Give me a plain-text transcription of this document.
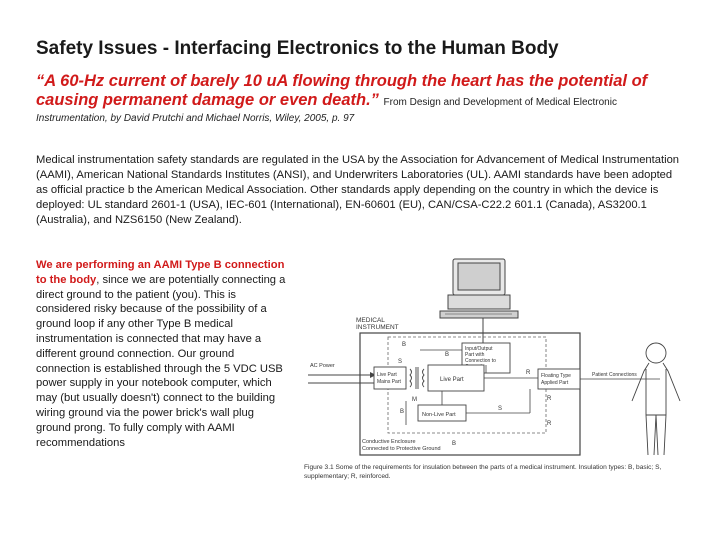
Safety Issues - Interfacing Electronics to the Human Body
“A 60-Hz current of barely 10 uA flowing through the heart has the potential of causing permanent damage or even death.” From Design and Development of Medical Electronic
Instrumentation, by David Prutchi and Michael Norris, Wiley, 2005, p. 97
Medical instrumentation safety standards are regulated in the USA by the Association for Advancement of Medical Instrumentation (AAMI), American National Standards Institutes (ANSI), and Underwriters Laboratories (UL). AAMI standards have been adopted as official practice b the American Medical Association. Other standards apply depending on the country in which the device is deployed: UL standard 2601-1 (USA), IEC-601 (International), EN-60601 (EU), CAN/CSA-C22.2 601.1 (Canada), AS3200.1 (Australia), and NZS6150 (New Zealand).
We are performing an AAMI Type B connection to the body, since we are potentially connecting a direct ground to the patient (you). This is considered risky because of the possibility of a ground loop if any other Type B medical instrumentation is connected that may have a different ground connection. Our ground connection is established through the 5 VDC USB power supply in your notebook computer, which may (but usually doesn't) connect to the building wiring ground via the power brick's wall plug ground prong. To fully comply with AAMI recommendations
MEDICAL
INSTRUMENT
Input/Output
Part with
Connection to
AC Power
Live Part
Mains Part	Live Part
Non-Live Part
Floating Type
Applied Part
B
B
S
R
M
B	S
R
R
B
Conductive Enclosure
Connected to Protective Ground
Patient Connections
Figure 3.1 Some of the requirements for insulation between the parts of a medical instrument. Insulation types: B, basic; S, supplementary; R, reinforced.
